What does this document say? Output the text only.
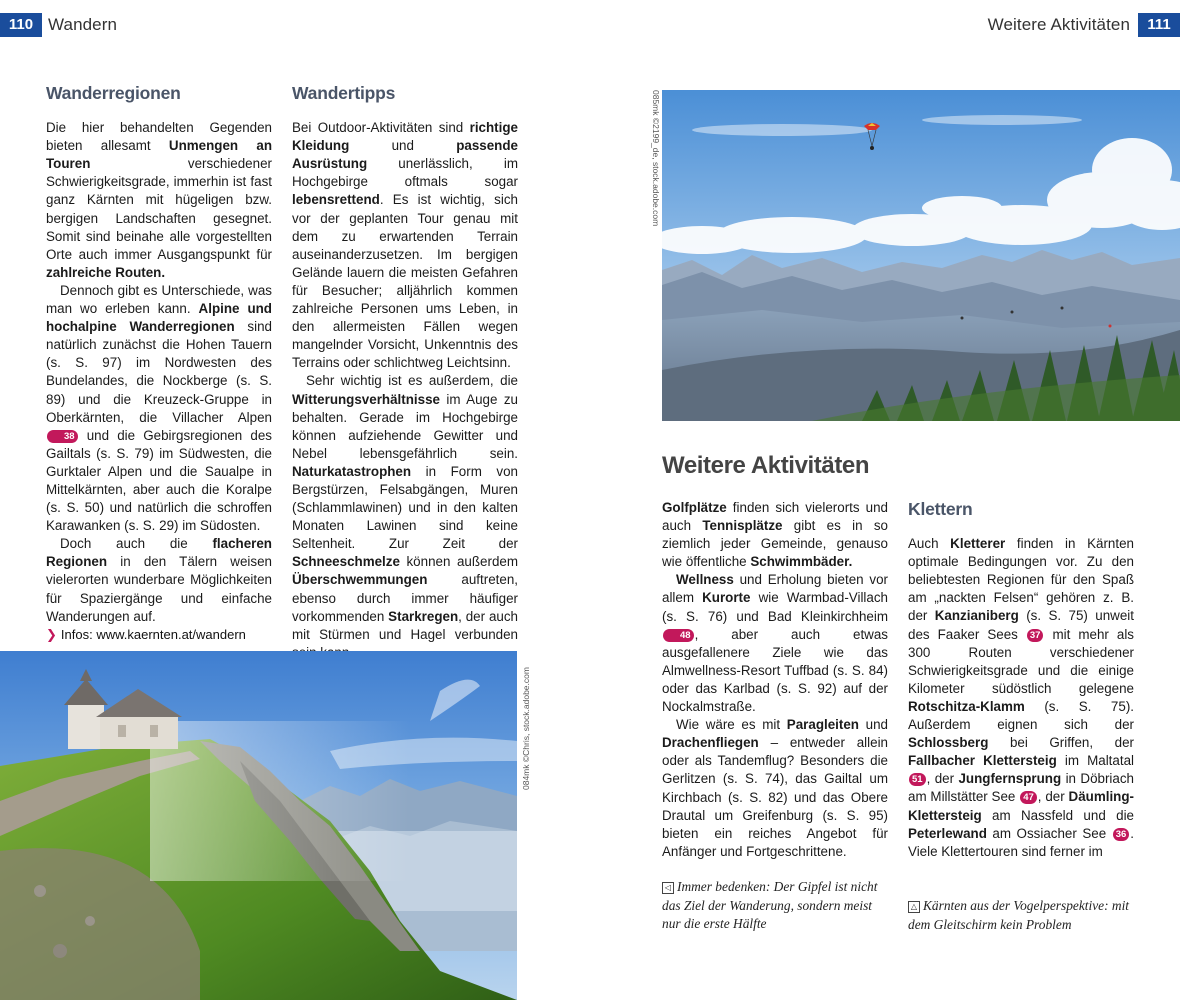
110 Wandern
Wanderregionen

Die hier behandelten Gegenden bieten allesamt Unmengen an Touren verschiedener Schwierigkeitsgrade, immerhin ist fast ganz Kärnten mit hügeligen bzw. bergigen Landschaften gesegnet. Somit sind beinahe alle vorgestellten Orte auch immer Ausgangspunkt für zahlreiche Routen.

Dennoch gibt es Unterschiede, was man wo erleben kann. Alpine und hochalpine Wanderregionen sind natürlich zunächst die Hohen Tauern (s. S. 97) im Nordwesten des Bundelandes, die Nockberge (s. S. 89) und die Kreuzeck-Gruppe in Oberkärnten, die Villacher Alpen 38 und die Gebirgsregionen des Gailtals (s. S. 79) im Südwesten, die Gurktaler Alpen und die Saualpe in Mittelkärnten, aber auch die Koralpe (s. S. 50) und natürlich die schroffen Karawanken (s. S. 29) im Südosten.

Doch auch die flacheren Regionen in den Tälern weisen vielerorten wunderbare Möglichkeiten für Spaziergänge und einfache Wanderungen auf.

❯ Infos: www.kaernten.at/wandern
Wandertipps

Bei Outdoor-Aktivitäten sind richtige Kleidung und passende Ausrüstung unerlässlich, im Hochgebirge oftmals sogar lebensrettend. Es ist wichtig, sich vor der geplanten Tour genau mit dem zu erwartenden Terrain auseinanderzusetzen. Im bergigen Gelände lauern die meisten Gefahren für Besucher; alljährlich kommen zahlreiche Personen ums Leben, in den allermeisten Fällen wegen mangelnder Vorsicht, Unkenntnis des Terrains oder schlichtweg Leichtsinn.

Sehr wichtig ist es außerdem, die Witterungsverhältnisse im Auge zu behalten. Gerade im Hochgebirge können aufziehende Gewitter und Nebel lebensgefährlich sein. Naturkatastrophen in Form von Bergstürzen, Felsabgängen, Muren (Schlammlawinen) und in den kalten Monaten Lawinen sind keine Seltenheit. Zur Zeit der Schneeschmelze können außerdem Überschwemmungen auftreten, ebenso durch immer häufiger vorkommenden Starkregen, der auch mit Stürmen und Hagel verbunden

084mk ©Chris, stock.adobe.com
Weitere Aktivitäten	111
085mk ©2199_de, stock.adobe.com
Weitere Aktivitäten

Golfplätze finden sich vielerorts und auch Tennisplätze gibt es in so ziemlich jeder Gemeinde, genauso wie öffentliche Schwimmbäder.

Wellness und Erholung bieten vor allem Kurorte wie Warmbad-Villach (s. S. 76) und Bad Kleinkirchheim 48 , aber auch etwas ausgefallenere Ziele wie das Almwellness-Resort Tuffbad (s. S. 84) oder das Karlbad (s. S. 92) auf der Nockalmstraße.

Wie wäre es mit Paragleiten und Drachenfliegen – entweder allein oder als Tandemflug? Besonders die Gerlitzen (s. S. 74), das Gailtal um Kirchbach (s. S. 82) und das Obere Drautal um Greifenburg (s. S. 95) bieten ein reiches Angebot für Anfänger und Fortgeschrittene.

Klettern

Auch Kletterer finden in Kärnten optimale Bedingungen vor. Zu den beliebtesten Regionen für den Spaß am „nackten Felsen“ gehören z. B. der Kanzianiberg (s. S. 75) unweit des Faaker Sees 37 mit mehr als 300 Routen verschiedener Schwierigkeitsgrade und die einige Kilometer südöstlich gelegene Rotschitza-Klamm (s. S. 75). Außerdem eignen sich der Schlossberg bei Griffen, der Fallbacher Klettersteig im Maltatal 51 , der Jungfernsprung in Döbriach am Millstätter See 47 , der Däumling-Klettersteig am Nassfeld und die Peterlewand am Ossiacher See 36 . Viele Klettertouren sind ferner im

◁ Immer bedenken: Der Gipfel ist nicht das Ziel der Wanderung, sondern meist nur die erste Hälfte
△ Kärnten aus der Vogelperspektive: mit dem Gleitschirm kein Problem
